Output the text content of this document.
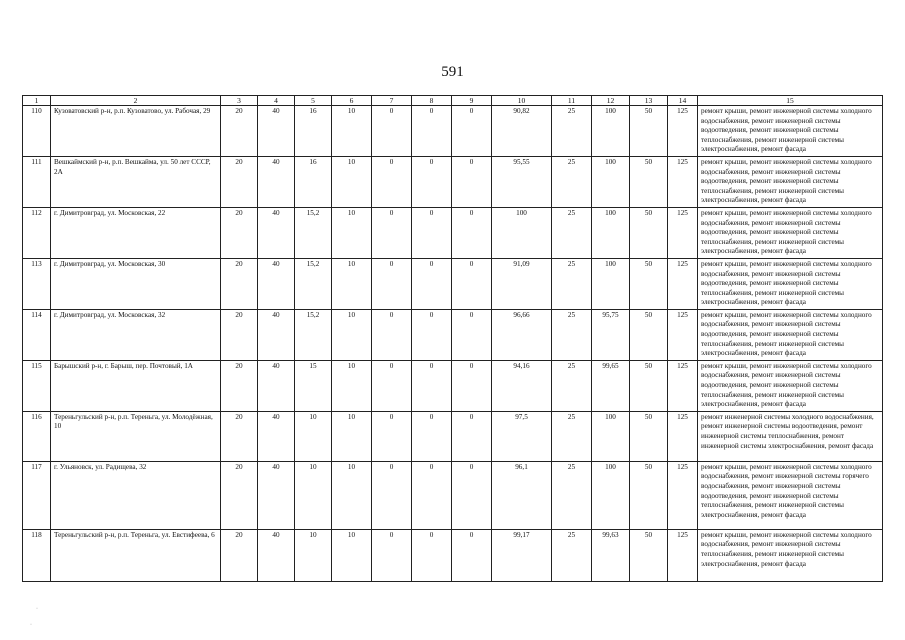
591
1	2	3	4	5	6	7	8	9	10	11	12	13	14	15
110	Кузоватовский р-н, р.п. Кузоватово, ул. Рабочая, 29	20	40	16	10	0	0	0	90,82	25	100	50	125	ремонт крыши, ремонт инженерной системы холодного водоснабжения, ремонт инженерной системы водоотведения, ремонт инженерной системы теплоснабжения, ремонт инженерной системы электроснабжения, ремонт фасада
111	Вешкаймский р-н, р.п. Вешкайма, ул. 50 лет СССР, 2А	20	40	16	10	0	0	0	95,55	25	100	50	125	ремонт крыши, ремонт инженерной системы холодного водоснабжения, ремонт инженерной системы водоотведения, ремонт инженерной системы теплоснабжения, ремонт инженерной системы электроснабжения, ремонт фасада
112	г. Димитровград, ул. Московская, 22	20	40	15,2	10	0	0	0	100	25	100	50	125	ремонт крыши, ремонт инженерной системы холодного водоснабжения, ремонт инженерной системы водоотведения, ремонт инженерной системы теплоснабжения, ремонт инженерной системы электроснабжения, ремонт фасада
113	г. Димитровград, ул. Московская, 30	20	40	15,2	10	0	0	0	91,09	25	100	50	125	ремонт крыши, ремонт инженерной системы холодного водоснабжения, ремонт инженерной системы водоотведения, ремонт инженерной системы теплоснабжения, ремонт инженерной системы электроснабжения, ремонт фасада
114	г. Димитровград, ул. Московская, 32	20	40	15,2	10	0	0	0	96,66	25	95,75	50	125	ремонт крыши, ремонт инженерной системы холодного водоснабжения, ремонт инженерной системы водоотведения, ремонт инженерной системы теплоснабжения, ремонт инженерной системы электроснабжения, ремонт фасада
115	Барышский р-н, г. Барыш, пер. Почтовый, 1А	20	40	15	10	0	0	0	94,16	25	99,65	50	125	ремонт крыши, ремонт инженерной системы холодного водоснабжения, ремонт инженерной системы водоотведения, ремонт инженерной системы теплоснабжения, ремонт инженерной системы электроснабжения, ремонт фасада
116	Тереньгульский р-н, р.п. Тереньга, ул. Молодёжная, 10	20	40	10	10	0	0	0	97,5	25	100	50	125	ремонт инженерной системы холодного водоснабжения, ремонт инженерной системы водоотведения, ремонт инженерной системы теплоснабжения, ремонт инженерной системы электроснабжения, ремонт фасада
117	г. Ульяновск, ул. Радищева, 32	20	40	10	10	0	0	0	96,1	25	100	50	125	ремонт крыши, ремонт инженерной системы холодного водоснабжения, ремонт инженерной системы горячего водоснабжения, ремонт инженерной системы водоотведения, ремонт инженерной системы теплоснабжения, ремонт инженерной системы электроснабжения, ремонт фасада
118	Тереньгульский р-н, р.п. Тереньга, ул. Евстифеева, 6	20	40	10	10	0	0	0	99,17	25	99,63	50	125	ремонт крыши, ремонт инженерной системы холодного водоснабжения, ремонт инженерной системы теплоснабжения, ремонт инженерной системы электроснабжения, ремонт фасада
·
·
